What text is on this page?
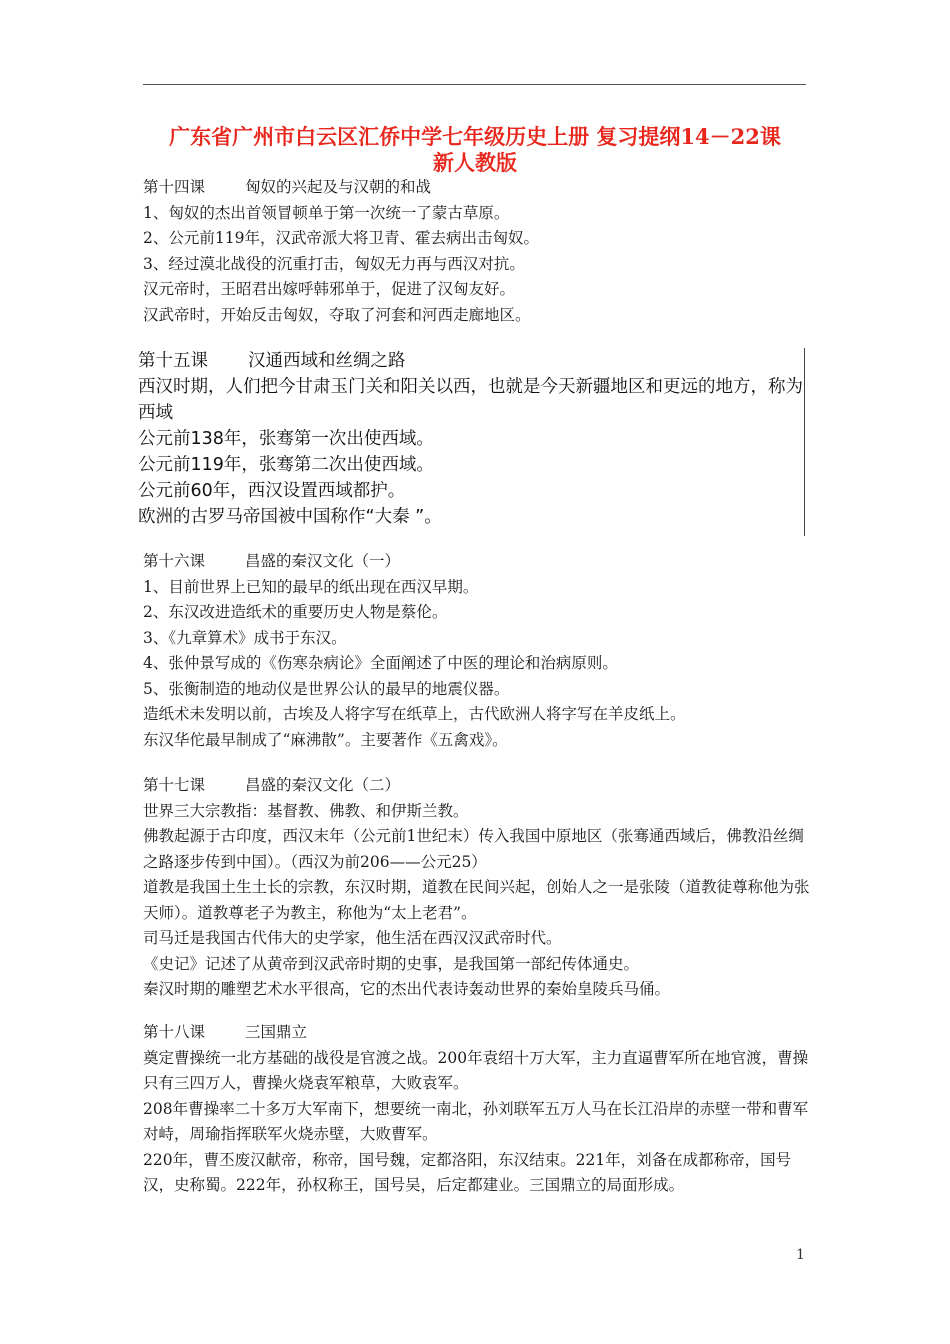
广东省广州市白云区汇侨中学七年级历史上册 复习提纲14－22课
新人教版
第十四课	匈奴的兴起及与汉朝的和战
1、匈奴的杰出首领冒顿单于第一次统一了蒙古草原。
2、公元前119年，汉武帝派大将卫青、霍去病出击匈奴。
3、经过漠北战役的沉重打击，匈奴无力再与西汉对抗。
汉元帝时，王昭君出嫁呼韩邪单于，促进了汉匈友好。
汉武帝时，开始反击匈奴，夺取了河套和河西走廊地区。
第十五课 汉通西域和丝绸之路
西汉时期，人们把今甘肃玉门关和阳关以西，也就是今天新疆地区和更远的地方，称为西域
公元前138年，张骞第一次出使西域。
公元前119年，张骞第二次出使西域。
公元前60年，西汉设置西域都护。
欧洲的古罗马帝国被中国称作“大秦 ”。
第十六课	昌盛的秦汉文化（一）
1、目前世界上已知的最早的纸出现在西汉早期。
2、东汉改进造纸术的重要历史人物是蔡伦。
3、《九章算术》成书于东汉。
4、张仲景写成的《伤寒杂病论》全面阐述了中医的理论和治病原则。
5、张衡制造的地动仪是世界公认的最早的地震仪器。
造纸术未发明以前，古埃及人将字写在纸草上，古代欧洲人将字写在羊皮纸上。
东汉华佗最早制成了“麻沸散”。主要著作《五禽戏》。
第十七课	昌盛的秦汉文化（二）
世界三大宗教指：基督教、佛教、和伊斯兰教。
佛教起源于古印度，西汉末年（公元前1世纪末）传入我国中原地区（张骞通西域后，佛教沿丝绸之路逐步传到中国）。（西汉为前206——公元25）
道教是我国土生土长的宗教，东汉时期，道教在民间兴起，创始人之一是张陵（道教徒尊称他为张天师）。道教尊老子为教主，称他为“太上老君”。
司马迁是我国古代伟大的史学家，他生活在西汉汉武帝时代。
《史记》记述了从黄帝到汉武帝时期的史事，是我国第一部纪传体通史。
秦汉时期的雕塑艺术水平很高，它的杰出代表诗轰动世界的秦始皇陵兵马俑。
第十八课	三国鼎立
奠定曹操统一北方基础的战役是官渡之战。200年袁绍十万大军，主力直逼曹军所在地官渡，曹操只有三四万人，曹操火烧袁军粮草，大败袁军。
208年曹操率二十多万大军南下，想要统一南北，孙刘联军五万人马在长江沿岸的赤壁一带和曹军对峙，周瑜指挥联军火烧赤壁，大败曹军。
220年，曹丕废汉献帝，称帝，国号魏，定都洛阳，东汉结束。221年，刘备在成都称帝，国号汉，史称蜀。222年，孙权称王，国号吴，后定都建业。三国鼎立的局面形成。
1
